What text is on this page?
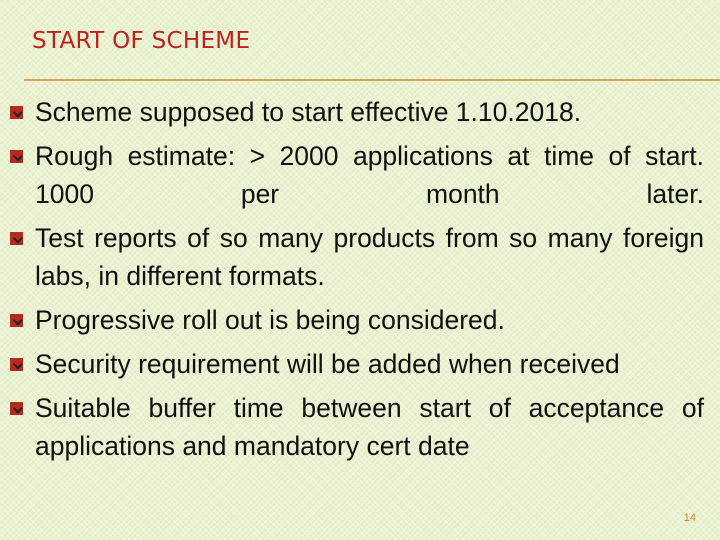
START OF SCHEME
Scheme supposed to start effective 1.10.2018.
Rough estimate: > 2000 applications at time of start. 1000 per month later.
Test reports of so many products from so many foreign labs, in different formats.
Progressive roll out is being considered.
Security requirement will be added when received
Suitable buffer time between start of acceptance of applications and mandatory cert date
14
